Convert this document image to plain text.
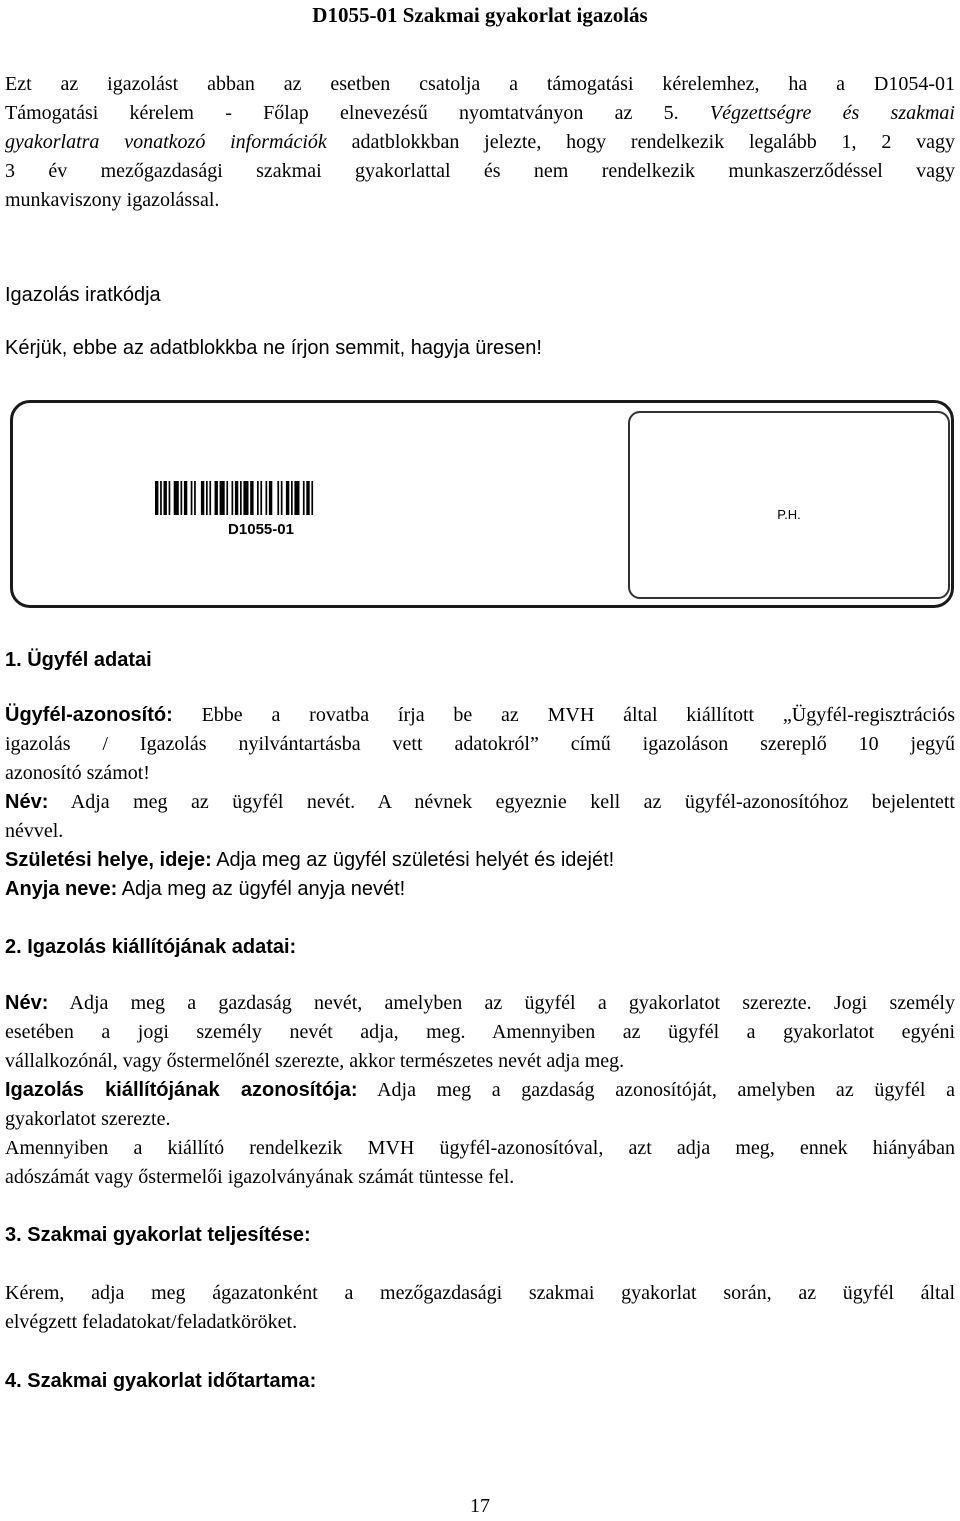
D1055-01 Szakmai gyakorlat igazolás
Ezt az igazolást abban az esetben csatolja a támogatási kérelemhez, ha a D1054-01
Támogatási kérelem - Főlap elnevezésű nyomtatványon az 5. Végzettségre és szakmai
gyakorlatra vonatkozó információk adatblokkban jelezte, hogy rendelkezik legalább 1, 2 vagy
3 év mezőgazdasági szakmai gyakorlattal és nem rendelkezik munkaszerződéssel vagy
munkaviszony igazolással.
Igazolás iratkódja
Kérjük, ebbe az adatblokkba ne írjon semmit, hagyja üresen!
D1055-01
P.H.
1. Ügyfél adatai
Ügyfél-azonosító: Ebbe a rovatba írja be az MVH által kiállított „Ügyfél-regisztrációs
igazolás / Igazolás nyilvántartásba vett adatokról” című igazoláson szereplő 10 jegyű
azonosító számot!
Név: Adja meg az ügyfél nevét. A névnek egyeznie kell az ügyfél-azonosítóhoz bejelentett
névvel.
Születési helye, ideje: Adja meg az ügyfél születési helyét és idejét!
Anyja neve: Adja meg az ügyfél anyja nevét!
2. Igazolás kiállítójának adatai:
Név: Adja meg a gazdaság nevét, amelyben az ügyfél a gyakorlatot szerezte. Jogi személy
esetében a jogi személy nevét adja, meg. Amennyiben az ügyfél a gyakorlatot egyéni
vállalkozónál, vagy őstermelőnél szerezte, akkor természetes nevét adja meg.
Igazolás kiállítójának azonosítója: Adja meg a gazdaság azonosítóját, amelyben az ügyfél a
gyakorlatot szerezte.
Amennyiben a kiállító rendelkezik MVH ügyfél-azonosítóval, azt adja meg, ennek hiányában
adószámát vagy őstermelői igazolványának számát tüntesse fel.
3. Szakmai gyakorlat teljesítése:
Kérem, adja meg ágazatonként a mezőgazdasági szakmai gyakorlat során, az ügyfél által
elvégzett feladatokat/feladatköröket.
4. Szakmai gyakorlat időtartama:
17
